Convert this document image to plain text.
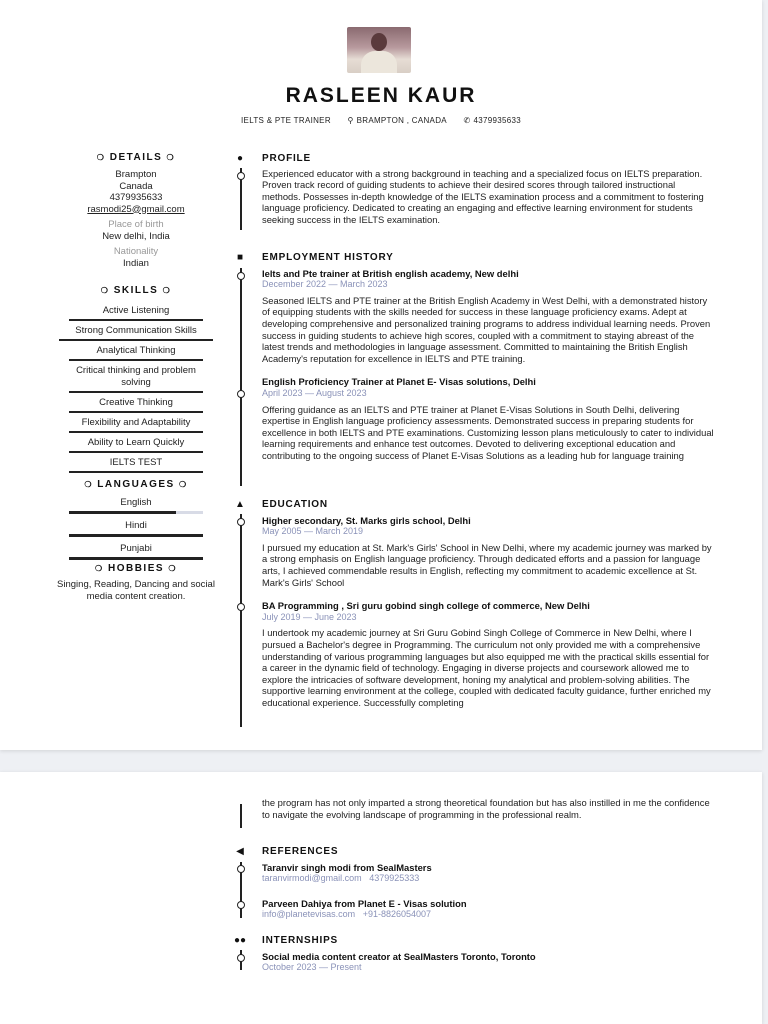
RASLEEN KAUR
IELTS & PTE TRAINER ⚲ BRAMPTON , CANADA ✆ 4379935633
❍ DETAILS ❍
Brampton
Canada
4379935633
rasmodi25@gmail.com
Place of birth
New delhi, India
Nationality
Indian
❍ SKILLS ❍
Active Listening
Strong Communication Skills
Analytical Thinking
Critical thinking and problem solving
Creative Thinking
Flexibility and Adaptability
Ability to Learn Quickly
IELTS TEST
❍ LANGUAGES ❍
English
Hindi
Punjabi
❍ HOBBIES ❍
Singing, Reading, Dancing and social media content creation.
●	PROFILE
Experienced educator with a strong background in teaching and a specialized focus on IELTS preparation. Proven track record of guiding students to achieve their desired scores through tailored instructional methods. Possesses in-depth knowledge of the IELTS examination process and a commitment to fostering language proficiency. Dedicated to creating an engaging and effective learning environment for students seeking success in the IELTS examination.
■	EMPLOYMENT HISTORY
Ielts and Pte trainer at British english academy, New delhi
December 2022 — March 2023
Seasoned IELTS and PTE trainer at the British English Academy in West Delhi, with a demonstrated history of equipping students with the skills needed for success in these language proficiency exams. Adept at developing comprehensive and personalized training programs to address individual learning needs. Proven success in guiding students to achieve high scores, coupled with a commitment to staying abreast of the latest trends and methodologies in language assessment. Committed to maintaining the British English Academy's reputation for excellence in IELTS and PTE training.
English Proficiency Trainer at Planet E- Visas solutions, Delhi
April 2023 — August 2023
Offering guidance as an IELTS and PTE trainer at Planet E-Visas Solutions in South Delhi, delivering expertise in English language proficiency assessments. Demonstrated success in preparing students for excellence in both IELTS and PTE examinations. Customizing lesson plans meticulously to cater to individual learning requirements and enhance test outcomes. Devoted to delivering exceptional education and contributing to the ongoing success of Planet E-Visas Solutions as a leading hub for language training
▲ EDUCATION
Higher secondary, St. Marks girls school, Delhi
May 2005 — March 2019
I pursued my education at St. Mark's Girls' School in New Delhi, where my academic journey was marked by a strong emphasis on English language proficiency. Through dedicated efforts and a passion for language arts, I achieved commendable results in English, reflecting my commitment to academic excellence at St. Mark's Girls' School
BA Programming , Sri guru gobind singh college of commerce, New Delhi
July 2019 — June 2023
I undertook my academic journey at Sri Guru Gobind Singh College of Commerce in New Delhi, where I pursued a Bachelor's degree in Programming. The curriculum not only provided me with a comprehensive understanding of various programming languages but also equipped me with the practical skills essential for a career in the dynamic field of technology. Engaging in diverse projects and coursework allowed me to explore the intricacies of software development, honing my analytical and problem-solving abilities. The supportive learning environment at the college, coupled with dedicated faculty guidance, further enriched my educational experience. Successfully completing
the program has not only imparted a strong theoretical foundation but has also instilled in me the confidence to navigate the evolving landscape of programming in the professional realm.
◀	REFERENCES
Taranvir singh modi from SealMasters
taranvirmodi@gmail.com 4379925333
Parveen Dahiya from Planet E - Visas solution
info@planetevisas.com +91-8826054007
●● INTERNSHIPS
Social media content creator at SealMasters Toronto, Toronto
October 2023 — Present
